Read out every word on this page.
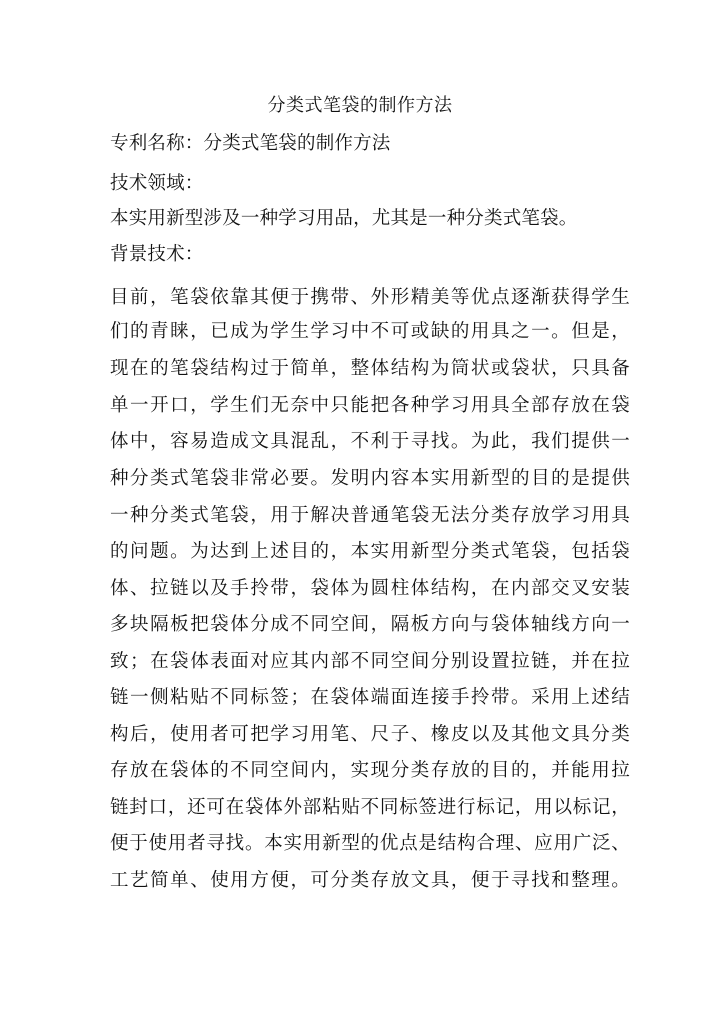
分类式笔袋的制作方法
专利名称：分类式笔袋的制作方法
技术领域：
本实用新型涉及一种学习用品，尤其是一种分类式笔袋。
背景技术：
目前，笔袋依靠其便于携带、外形精美等优点逐渐获得学生
们的青睐，已成为学生学习中不可或缺的用具之一。但是，
现在的笔袋结构过于简单，整体结构为筒状或袋状，只具备
单一开口，学生们无奈中只能把各种学习用具全部存放在袋
体中，容易造成文具混乱，不利于寻找。为此，我们提供一
种分类式笔袋非常必要。发明内容本实用新型的目的是提供
一种分类式笔袋，用于解决普通笔袋无法分类存放学习用具
的问题。为达到上述目的，本实用新型分类式笔袋，包括袋
体、拉链以及手拎带，袋体为圆柱体结构，在内部交叉安装
多块隔板把袋体分成不同空间，隔板方向与袋体轴线方向一
致；在袋体表面对应其内部不同空间分别设置拉链，并在拉
链一侧粘贴不同标签；在袋体端面连接手拎带。采用上述结
构后，使用者可把学习用笔、尺子、橡皮以及其他文具分类
存放在袋体的不同空间内，实现分类存放的目的，并能用拉
链封口，还可在袋体外部粘贴不同标签进行标记，用以标记，
便于使用者寻找。本实用新型的优点是结构合理、应用广泛、
工艺简单、使用方便，可分类存放文具，便于寻找和整理。
